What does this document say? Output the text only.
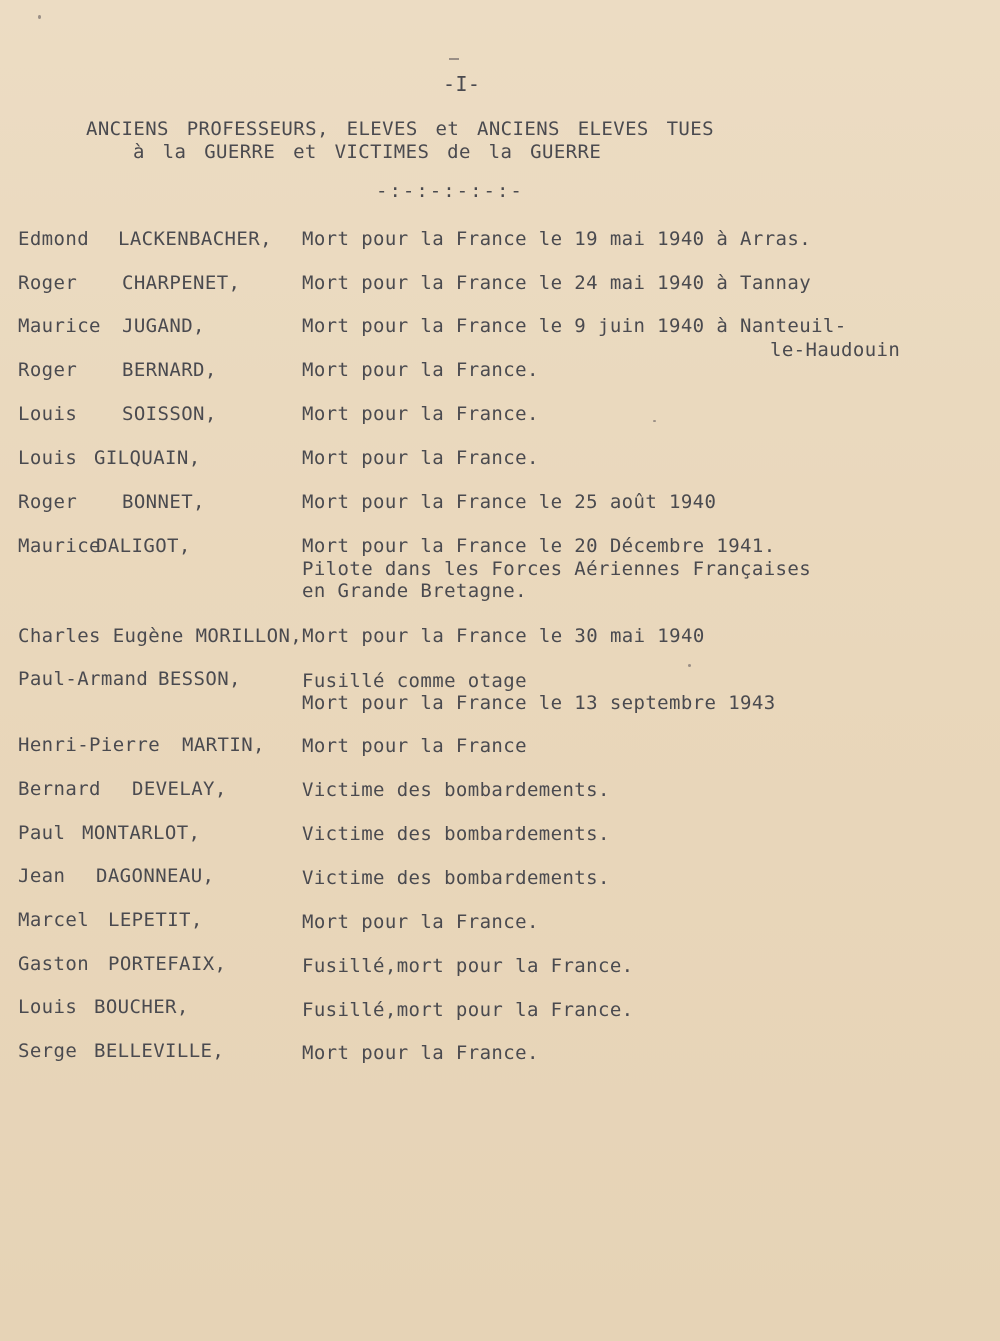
-I-
ANCIENS PROFESSEURS, ELEVES et ANCIENS ELEVES TUES
à la GUERRE et VICTIMES de la GUERRE
-:-:-:-:-:-
Edmond LACKENBACHER, Mort pour la France le 19 mai 1940 à Arras.
Roger CHARPENET,	Mort pour la France le 24 mai 1940 à Tannay
Maurice JUGAND,	Mort pour la France le 9 juin 1940 à Nanteuil-
le-Haudouin
Roger BERNARD,	Mort pour la France.
Louis SOISSON,	Mort pour la France.
Louis GILQUAIN,	Mort pour la France.
Roger BONNET,	Mort pour la France le 25 août 1940
MauriceDALIGOT,	Mort pour la France le 20 Décembre 1941.
Pilote dans les Forces Aériennes Françaises
en Grande Bretagne.
Charles Eugène MORILLON,Mort pour la France le 30 mai 1940
Paul-Armand BESSON,	Fusillé comme otage
Mort pour la France le 13 septembre 1943
Henri-Pierre MARTIN, Mort pour la France
Bernard DEVELAY,	Victime des bombardements.
Paul MONTARLOT,	Victime des bombardements.
Jean DAGONNEAU,	Victime des bombardements.
Marcel LEPETIT,	Mort pour la France.
Gaston PORTEFAIX,	Fusillé,mort pour la France.
Louis BOUCHER,	Fusillé,mort pour la France.
Serge BELLEVILLE,	Mort pour la France.
